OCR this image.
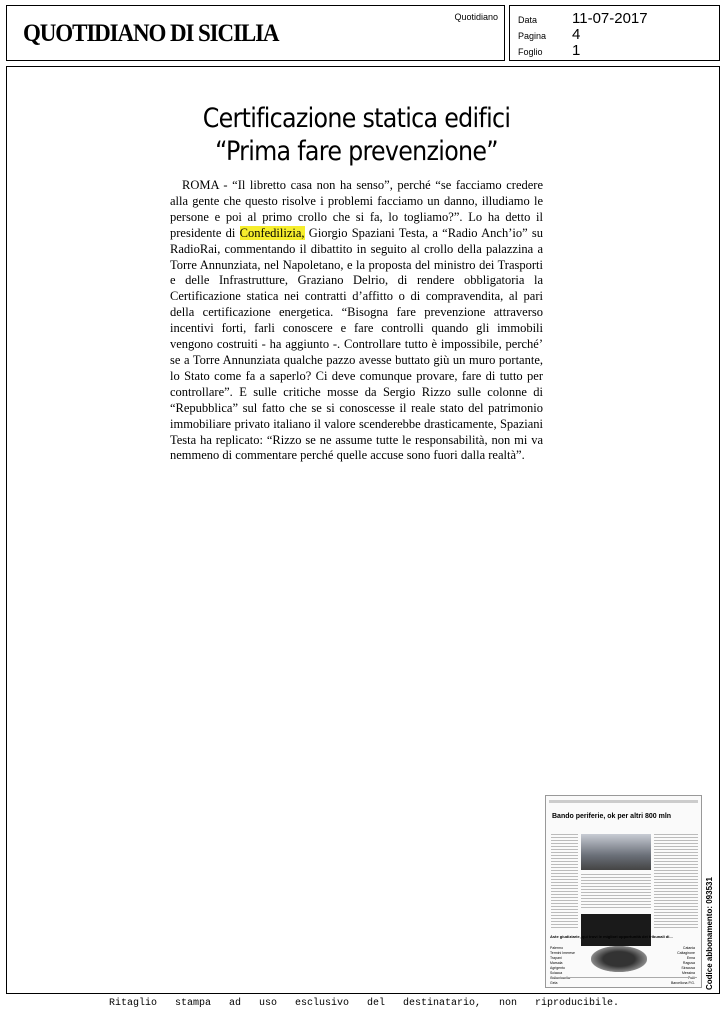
QUOTIDIANO DI SICILIA
Quotidiano Data 11-07-2017
Pagina 4
Foglio 1
Certificazione statica edifici
“Prima fare prevenzione”

ROMA - “Il libretto casa non ha senso”, perché “se facciamo credere alla gente che questo risolve i problemi facciamo un danno, illudiamo le persone e poi al primo crollo che si fa, lo togliamo?”. Lo ha detto il presidente di Confedilizia, Giorgio Spaziani Testa, a “Radio Anch’io” su RadioRai, commentando il dibattito in seguito al crollo della palazzina a Torre Annunziata, nel Napoletano, e la proposta del ministro dei Trasporti e delle Infrastrutture, Graziano Delrio, di rendere obbligatoria la Certificazione statica nei contratti d’affitto o di compravendita, al pari della certificazione energetica. “Bisogna fare prevenzione attraverso incentivi forti, farli conoscere e fare controlli quando gli immobili vengono costruiti - ha aggiunto -. Controllare tutto è impossibile, perché’ se a Torre Annunziata qualche pazzo avesse buttato giù un muro portante, lo Stato come fa a saperlo? Ci deve comunque provare, fare di tutto per controllare”. E sulle critiche mosse da Sergio Rizzo sulle colonne di “Repubblica” sul fatto che se si conoscesse il reale stato del patrimonio immobiliare privato italiano il valore scenderebbe drasticamente, Spaziani Testa ha replicato: “Rizzo se ne assume tutte le responsabilità, non mi va nemmeno di commentare perché quelle accuse sono fuori dalla realtà”.

Bando periferie, ok per altri 800 mln
Aste giudiziarie, qui trovi le migliori opportunità dei tribunali di...
Palermo
Termini Imerese
Trapani
Marsala
Agrigento
Sciacca
Caltanissetta
Gela
Catania
Caltagirone
Enna
Ragusa
Siracusa
Messina
Patti
Barcellona P.G. Codice abbonamento: 093531
Ritaglio stampa ad uso esclusivo del destinatario, non riproducibile.
